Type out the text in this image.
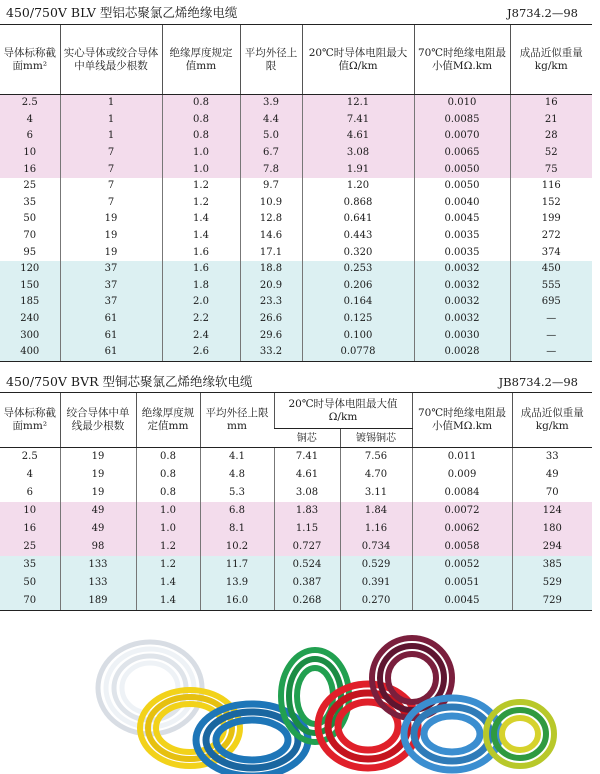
450/750V BLV 型铝芯聚氯乙烯绝缘电缆	J8734.2—98
导体标称截面mm²	实心导体或绞合导体中单线最少根数	绝缘厚度规定值mm	平均外径上限	20℃时导体电阻最大值Ω/km	70℃时绝缘电阻最小值MΩ.km	成品近似重量kg/km
2.5	1	0.8	3.9	12.1	0.010	16
4	1	0.8	4.4	7.41	0.0085	21
6	1	0.8	5.0	4.61	0.0070	28
10	7	1.0	6.7	3.08	0.0065	52
16	7	1.0	7.8	1.91	0.0050	75
25	7	1.2	9.7	1.20	0.0050	116
35	7	1.2	10.9	0.868	0.0040	152
50	19	1.4	12.8	0.641	0.0045	199
70	19	1.4	14.6	0.443	0.0035	272
95	19	1.6	17.1	0.320	0.0035	374
120	37	1.6	18.8	0.253	0.0032	450
150	37	1.8	20.9	0.206	0.0032	555
185	37	2.0	23.3	0.164	0.0032	695
240	61	2.2	26.6	0.125	0.0032	—
300	61	2.4	29.6	0.100	0.0030	—
400	61	2.6	33.2	0.0778	0.0028	—
450/750V BVR 型铜芯聚氯乙烯绝缘软电缆	JB8734.2—98
导体标称截面mm²	绞合导体中单线最少根数	绝缘厚度规定值mm	平均外径上限mm	20℃时导体电阻最大值Ω/km		70℃时绝缘电阻最小值MΩ.km	成品近似重量kg/km
				铜芯	镀锡铜芯		
2.5	19	0.8	4.1	7.41	7.56	0.011	33
4	19	0.8	4.8	4.61	4.70	0.009	49
6	19	0.8	5.3	3.08	3.11	0.0084	70
10	49	1.0	6.8	1.83	1.84	0.0072	124
16	49	1.0	8.1	1.15	1.16	0.0062	180
25	98	1.2	10.2	0.727	0.734	0.0058	294
35	133	1.2	11.7	0.524	0.529	0.0052	385
50	133	1.4	13.9	0.387	0.391	0.0051	529
70	189	1.4	16.0	0.268	0.270	0.0045	729
